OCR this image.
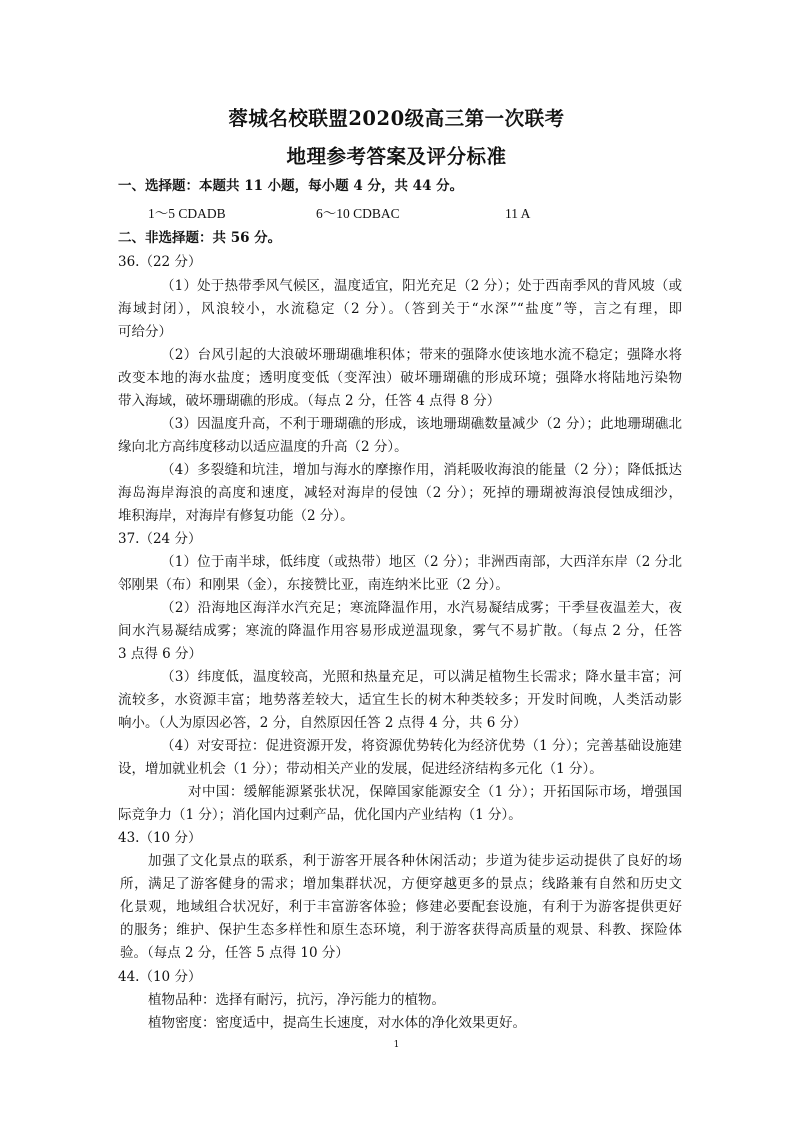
蓉城名校联盟2020级高三第一次联考
地理参考答案及评分标准
一、选择题：本题共 11 小题，每小题 4 分，共 44 分。
1～5 CDADB	6～10 CDBAC	11 A
二、非选择题：共 56 分。
36.（22 分）
（1）处于热带季风气候区，温度适宜，阳光充足（2 分）；处于西南季风的背风坡（或
海域封闭），风浪较小，水流稳定（2 分）。（答到关于“水深”“盐度”等，言之有理，即
可给分）
（2）台风引起的大浪破坏珊瑚礁堆积体；带来的强降水使该地水流不稳定；强降水将
改变本地的海水盐度；透明度变低（变浑浊）破坏珊瑚礁的形成环境；强降水将陆地污染物
带入海域，破坏珊瑚礁的形成。（每点 2 分，任答 4 点得 8 分）
（3）因温度升高，不利于珊瑚礁的形成，该地珊瑚礁数量减少（2 分）；此地珊瑚礁北
缘向北方高纬度移动以适应温度的升高（2 分）。
（4）多裂缝和坑洼，增加与海水的摩擦作用，消耗吸收海浪的能量（2 分）；降低抵达
海岛海岸海浪的高度和速度，减轻对海岸的侵蚀（2 分）；死掉的珊瑚被海浪侵蚀成细沙，
堆积海岸，对海岸有修复功能（2 分）。
37.（24 分）
（1）位于南半球，低纬度（或热带）地区（2 分）；非洲西南部，大西洋东岸（2 分北
邻刚果（布）和刚果（金），东接赞比亚，南连纳米比亚（2 分）。
（2）沿海地区海洋水汽充足；寒流降温作用，水汽易凝结成雾；干季昼夜温差大，夜
间水汽易凝结成雾；寒流的降温作用容易形成逆温现象，雾气不易扩散。（每点 2 分，任答
3 点得 6 分）
（3）纬度低，温度较高，光照和热量充足，可以满足植物生长需求；降水量丰富；河
流较多，水资源丰富；地势落差较大，适宜生长的树木种类较多；开发时间晚，人类活动影
响小。（人为原因必答，2 分，自然原因任答 2 点得 4 分，共 6 分）
（4）对安哥拉：促进资源开发，将资源优势转化为经济优势（1 分）；完善基础设施建
设，增加就业机会（1 分）；带动相关产业的发展，促进经济结构多元化（1 分）。
对中国：缓解能源紧张状况，保障国家能源安全（1 分）；开拓国际市场，增强国
际竞争力（1 分）；消化国内过剩产品，优化国内产业结构（1 分）。
43.（10 分）
加强了文化景点的联系，利于游客开展各种休闲活动；步道为徒步运动提供了良好的场
所，满足了游客健身的需求；增加集群状况，方便穿越更多的景点；线路兼有自然和历史文
化景观，地域组合状况好，利于丰富游客体验；修建必要配套设施，有利于为游客提供更好
的服务；维护、保护生态多样性和原生态环境，利于游客获得高质量的观景、科教、探险体
验。（每点 2 分，任答 5 点得 10 分）
44.（10 分）
植物品种：选择有耐污，抗污，净污能力的植物。
植物密度：密度适中，提高生长速度，对水体的净化效果更好。
1
